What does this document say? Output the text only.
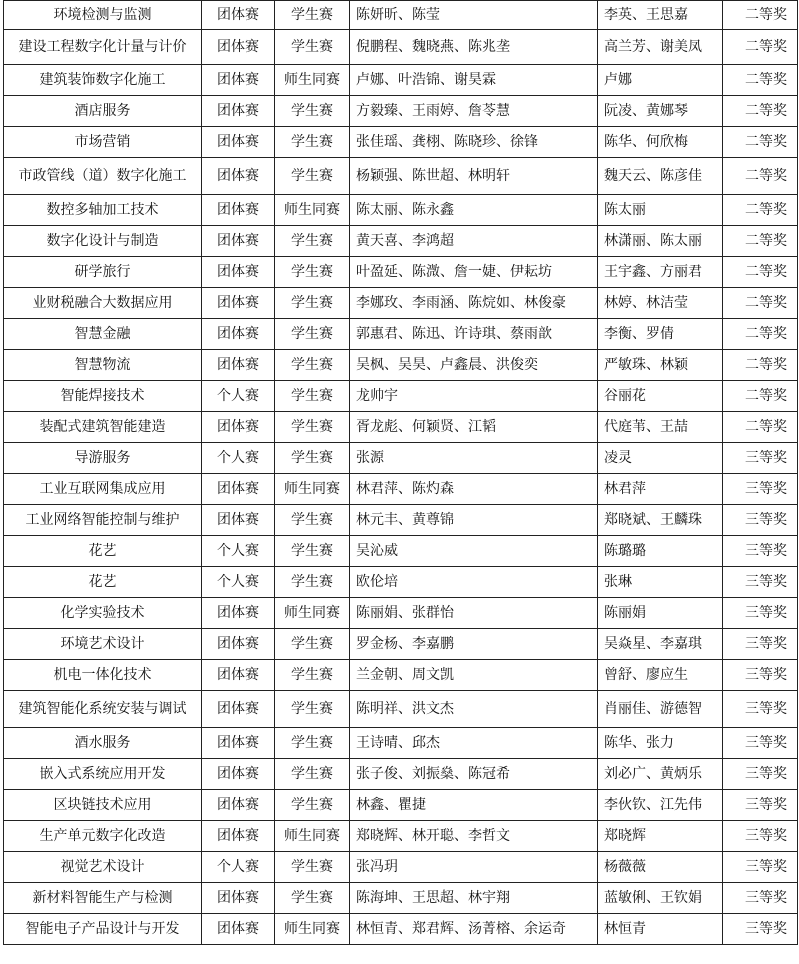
环境检测与监测	团体赛	学生赛	陈妍昕、陈莹	李英、王思嘉	二等奖
建设工程数字化计量与计价	团体赛	学生赛	倪鹏程、魏晓燕、陈兆垄	高兰芳、谢美凤	二等奖
建筑装饰数字化施工	团体赛	师生同赛	卢娜、叶浩锦、谢昊霖	卢娜	二等奖
酒店服务	团体赛	学生赛	方毅臻、王雨婷、詹苓慧	阮凌、黄娜琴	二等奖
市场营销	团体赛	学生赛	张佳瑶、龚栩、陈晓珍、徐锋	陈华、何欣梅	二等奖
市政管线（道）数字化施工	团体赛	学生赛	杨颖强、陈世超、林明轩	魏天云、陈彦佳	二等奖
数控多轴加工技术	团体赛	师生同赛	陈太丽、陈永鑫	陈太丽	二等奖
数字化设计与制造	团体赛	学生赛	黄天喜、李鸿超	林潇丽、陈太丽	二等奖
研学旅行	团体赛	学生赛	叶盈延、陈溦、詹一婕、伊耘坊	王宇鑫、方丽君	二等奖
业财税融合大数据应用	团体赛	学生赛	李娜玫、李雨涵、陈烷如、林俊豪	林婷、林洁莹	二等奖
智慧金融	团体赛	学生赛	郭惠君、陈迅、许诗琪、蔡雨歆	李衡、罗倩	二等奖
智慧物流	团体赛	学生赛	吴枫、吴昊、卢鑫晨、洪俊奕	严敏珠、林颖	二等奖
智能焊接技术	个人赛	学生赛	龙帅宇	谷丽花	二等奖
装配式建筑智能建造	团体赛	学生赛	胥龙彪、何颖贤、江韬	代庭苇、王喆	二等奖
导游服务	个人赛	学生赛	张源	凌灵	三等奖
工业互联网集成应用	团体赛	师生同赛	林君萍、陈灼森	林君萍	三等奖
工业网络智能控制与维护	团体赛	学生赛	林元丰、黄尊锦	郑晓斌、王麟珠	三等奖
花艺	个人赛	学生赛	吴沁威	陈璐璐	三等奖
花艺	个人赛	学生赛	欧伦培	张琳	三等奖
化学实验技术	团体赛	师生同赛	陈丽娟、张群怡	陈丽娟	三等奖
环境艺术设计	团体赛	学生赛	罗金杨、李嘉鹏	吴焱星、李嘉琪	三等奖
机电一体化技术	团体赛	学生赛	兰金朝、周文凯	曾舒、廖应生	三等奖
建筑智能化系统安装与调试	团体赛	学生赛	陈明祥、洪文杰	肖丽佳、游德智	三等奖
酒水服务	团体赛	学生赛	王诗晴、邱杰	陈华、张力	三等奖
嵌入式系统应用开发	团体赛	学生赛	张子俊、刘振燊、陈冠希	刘必广、黄炳乐	三等奖
区块链技术应用	团体赛	学生赛	林鑫、瞿捷	李伙钦、江先伟	三等奖
生产单元数字化改造	团体赛	师生同赛	郑晓辉、林开聪、李哲文	郑晓辉	三等奖
视觉艺术设计	个人赛	学生赛	张冯玥	杨薇薇	三等奖
新材料智能生产与检测	团体赛	学生赛	陈海坤、王思超、林宇翔	蓝敏俐、王钦娟	三等奖
智能电子产品设计与开发	团体赛	师生同赛	林恒青、郑君辉、汤菁榕、余运奇	林恒青	三等奖
